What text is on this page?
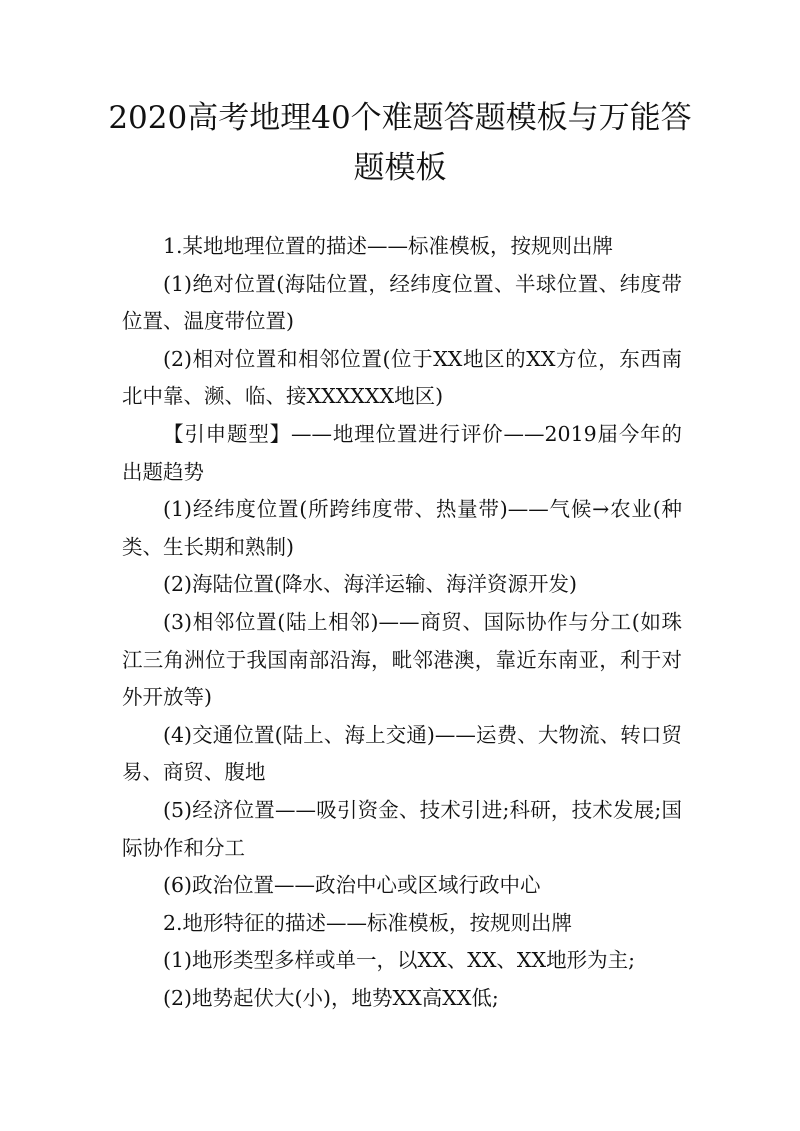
2020高考地理40个难题答题模板与万能答题模板

1.某地地理位置的描述——标准模板，按规则出牌

(1)绝对位置(海陆位置，经纬度位置、半球位置、纬度带位置、温度带位置)

(2)相对位置和相邻位置(位于XX地区的XX方位，东西南北中靠、濒、临、接XXXXXX地区)

【引申题型】——地理位置进行评价——2019届今年的出题趋势

(1)经纬度位置(所跨纬度带、热量带)——气候→农业(种类、生长期和熟制)

(2)海陆位置(降水、海洋运输、海洋资源开发)

(3)相邻位置(陆上相邻)——商贸、国际协作与分工(如珠江三角洲位于我国南部沿海，毗邻港澳，靠近东南亚，利于对外开放等)

(4)交通位置(陆上、海上交通)——运费、大物流、转口贸易、商贸、腹地

(5)经济位置——吸引资金、技术引进;科研，技术发展;国际协作和分工

(6)政治位置——政治中心或区域行政中心

2.地形特征的描述——标准模板，按规则出牌

(1)地形类型多样或单一，以XX、XX、XX地形为主;

(2)地势起伏大(小)，地势XX高XX低;
